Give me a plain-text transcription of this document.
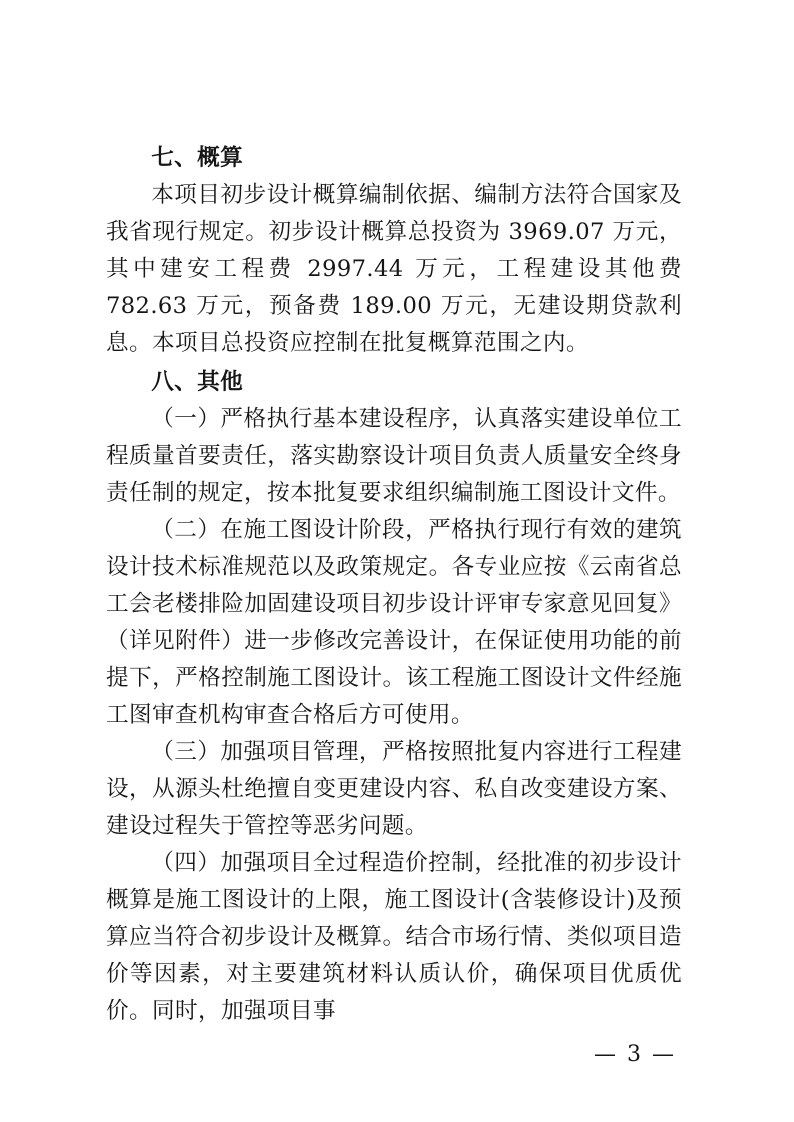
七、概算

本项目初步设计概算编制依据、编制方法符合国家及我省现行规定。初步设计概算总投资为 3969.07 万元，其中建安工程费 2997.44 万元，工程建设其他费 782.63 万元，预备费 189.00 万元，无建设期贷款利息。本项目总投资应控制在批复概算范围之内。

八、其他

（一）严格执行基本建设程序，认真落实建设单位工程质量首要责任，落实勘察设计项目负责人质量安全终身责任制的规定，按本批复要求组织编制施工图设计文件。

（二）在施工图设计阶段，严格执行现行有效的建筑设计技术标准规范以及政策规定。各专业应按《云南省总工会老楼排险加固建设项目初步设计评审专家意见回复》（详见附件）进一步修改完善设计，在保证使用功能的前提下，严格控制施工图设计。该工程施工图设计文件经施工图审查机构审查合格后方可使用。

（三）加强项目管理，严格按照批复内容进行工程建设，从源头杜绝擅自变更建设内容、私自改变建设方案、建设过程失于管控等恶劣问题。

（四）加强项目全过程造价控制，经批准的初步设计概算是施工图设计的上限，施工图设计(含装修设计)及预算应当符合初步设计及概算。结合市场行情、类似项目造价等因素，对主要建筑材料认质认价，确保项目优质优价。同时，加强项目事

— 3 —
